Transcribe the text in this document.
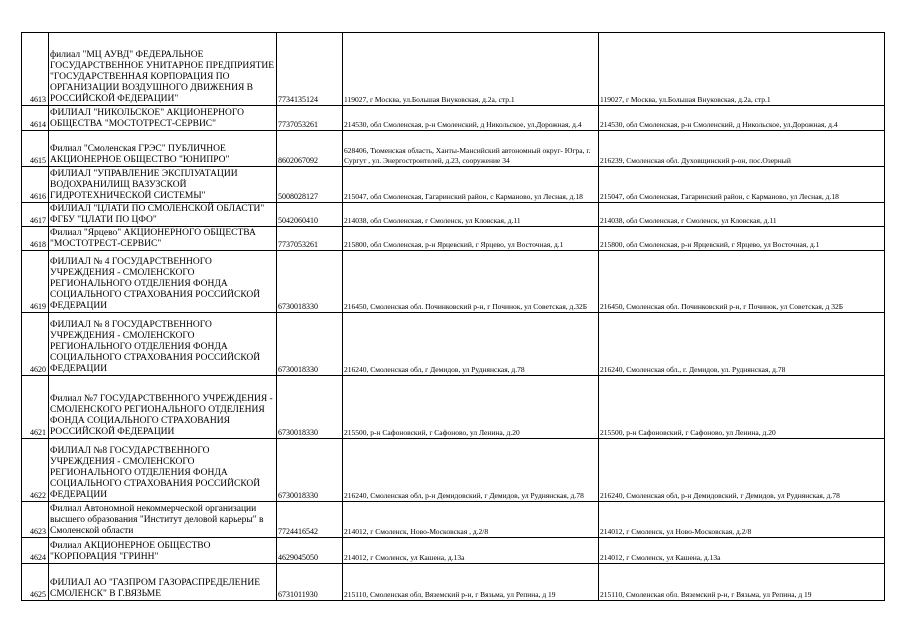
4613	филиал "МЦ АУВД" ФЕДЕРАЛЬНОЕ ГОСУДАРСТВЕННОЕ УНИТАРНОЕ ПРЕДПРИЯТИЕ "ГОСУДАРСТВЕННАЯ КОРПОРАЦИЯ ПО ОРГАНИЗАЦИИ ВОЗДУШНОГО ДВИЖЕНИЯ В РОССИЙСКОЙ ФЕДЕРАЦИИ"	7734135124	119027, г Москва, ул.Большая Внуковская, д.2а, стр.1	119027, г Москва, ул.Большая Внуковская, д.2а, стр.1
4614	ФИЛИАЛ "НИКОЛЬСКОЕ" АКЦИОНЕРНОГО ОБЩЕСТВА "МОСТОТРЕСТ-СЕРВИС"	7737053261	214530, обл Смоленская, р-н Смоленский, д Никольское, ул.Дорожная, д.4	214530, обл Смоленская, р-н Смоленский, д Никольское, ул.Дорожная, д.4
4615	Филиал "Смоленская ГРЭС" ПУБЛИЧНОЕ АКЦИОНЕРНОЕ ОБЩЕСТВО "ЮНИПРО"	8602067092	628406, Тюменская область, Ханты-Мансийский автономный округ- Югра, г. Сургут , ул. Энергостроителей, д.23, сооружение 34	216239, Смоленская обл. Духовщинский р-он, пос.Озерный
4616	ФИЛИАЛ "УПРАВЛЕНИЕ ЭКСПЛУАТАЦИИ ВОДОХРАНИЛИЩ ВАЗУЗСКОЙ ГИДРОТЕХНИЧЕСКОЙ СИСТЕМЫ"	5008028127	215047, обл Смоленская, Гагаринский район, с Кармановo, ул Лесная, д.18	215047, обл Смоленская, Гагаринский район, с Кармановo, ул Лесная, д.18
4617	ФИЛИАЛ "ЦЛАТИ ПО СМОЛЕНСКОЙ ОБЛАСТИ" ФГБУ "ЦЛАТИ ПО ЦФО"	5042060410	214038, обл Смоленская, г Смоленск, ул Кловская, д.11	214038, обл Смоленская, г Смоленск, ул Кловская, д.11
4618	Филиал "Ярцево" АКЦИОНЕРНОГО ОБЩЕСТВА "МОСТОТРЕСТ-СЕРВИС"	7737053261	215800, обл Смоленская, р-н Ярцевский, г Ярцево, ул Восточная, д.1	215800, обл Смоленская, р-н Ярцевский, г Ярцево, ул Восточная, д.1
4619	ФИЛИАЛ № 4 ГОСУДАРСТВЕННОГО УЧРЕЖДЕНИЯ - СМОЛЕНСКОГО РЕГИОНАЛЬНОГО ОТДЕЛЕНИЯ ФОНДА СОЦИАЛЬНОГО СТРАХОВАНИЯ РОССИЙСКОЙ ФЕДЕРАЦИИ	6730018330	216450, Смоленская обл. Починковский р-н, г Починок, ул Советская, д.32Б	216450, Смоленская обл. Починковский р-н, г Починок, ул Советская, д 32Б
4620	ФИЛИАЛ № 8 ГОСУДАРСТВЕННОГО УЧРЕЖДЕНИЯ - СМОЛЕНСКОГО РЕГИОНАЛЬНОГО ОТДЕЛЕНИЯ ФОНДА СОЦИАЛЬНОГО СТРАХОВАНИЯ РОССИЙСКОЙ ФЕДЕРАЦИИ	6730018330	216240, Смоленская обл, г Демидов, ул Руднянская, д.78	216240, Смоленская обл., г. Демидов, ул. Руднянская, д.78
4621	Филиал №7 ГОСУДАРСТВЕННОГО УЧРЕЖДЕНИЯ - СМОЛЕНСКОГО РЕГИОНАЛЬНОГО ОТДЕЛЕНИЯ ФОНДА СОЦИАЛЬНОГО СТРАХОВАНИЯ РОССИЙСКОЙ ФЕДЕРАЦИИ	6730018330	215500, р-н Сафоновский, г Сафоново, ул Ленина, д.20	215500, р-н Сафоновский, г Сафоново, ул Ленина, д.20
4622	ФИЛИАЛ №8 ГОСУДАРСТВЕННОГО УЧРЕЖДЕНИЯ - СМОЛЕНСКОГО РЕГИОНАЛЬНОГО ОТДЕЛЕНИЯ ФОНДА СОЦИАЛЬНОГО СТРАХОВАНИЯ РОССИЙСКОЙ ФЕДЕРАЦИИ	6730018330	216240, Смоленская обл, р-н Демидовский, г Демидов, ул Руднянская, д.78	216240, Смоленская обл, р-н Демидовский, г Демидов, ул Руднянская, д.78
4623	Филиал Автономной некоммерческой организации высшего образования "Институт деловой карьеры" в Смоленской области	7724416542	214012, г Смоленск, Ново-Московская , д.2/8	214012, г Смоленск, ул Ново-Московская, д.2/8
4624	Филиал АКЦИОНЕРНОЕ ОБЩЕСТВО "КОРПОРАЦИЯ "ГРИНН"	4629045050	214012, г Смоленск, ул Кашена, д.13а	214012, г Смоленск, ул Кашена, д.13а
4625	ФИЛИАЛ АО "ГАЗПРОМ ГАЗОРАСПРЕДЕЛЕНИЕ СМОЛЕНСК" В Г.ВЯЗЬМЕ	6731011930	215110, Смоленская обл, Вяземский р-н, г Вязьма, ул Репина, д 19	215110, Смоленская обл. Вяземский р-н, г Вязьма, ул Репина, д 19
